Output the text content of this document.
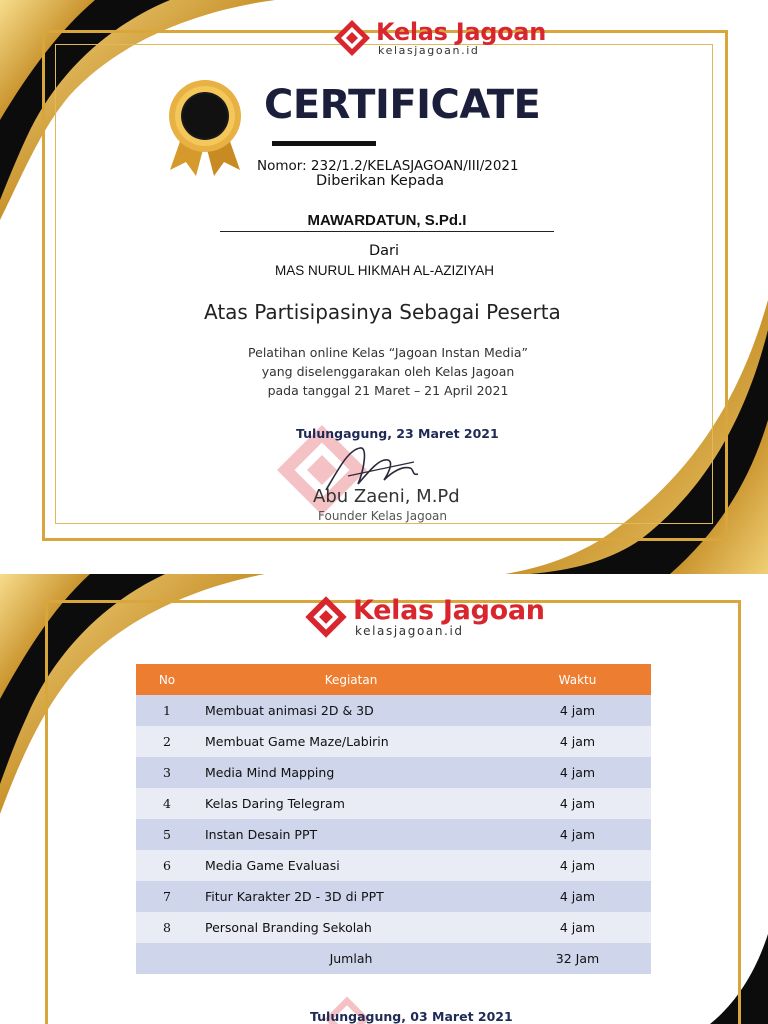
Kelas Jagoan
kelasjagoan.id
CERTIFICATE
Nomor: 232/1.2/KELASJAGOAN/III/2021
Diberikan Kepada
MAWARDATUN, S.Pd.I
Dari
MAS NURUL HIKMAH AL-AZIZIYAH
Atas Partisipasinya Sebagai Peserta
Pelatihan online Kelas “Jagoan Instan Media”
yang diselenggarakan oleh Kelas Jagoan
pada tanggal 21 Maret – 21 April 2021
Tulungagung, 23 Maret 2021
Abu Zaeni, M.Pd
Founder Kelas Jagoan
Kelas Jagoan
kelasjagoan.id
No	Kegiatan	Waktu
1	Membuat animasi 2D & 3D	4 jam
2	Membuat Game Maze/Labirin	4 jam
3	Media Mind Mapping	4 jam
4	Kelas Daring Telegram	4 jam
5	Instan Desain PPT	4 jam
6	Media Game Evaluasi	4 jam
7	Fitur Karakter 2D - 3D di PPT	4 jam
8	Personal Branding Sekolah	4 jam
	Jumlah	32 Jam
Tulungagung, 03 Maret 2021
